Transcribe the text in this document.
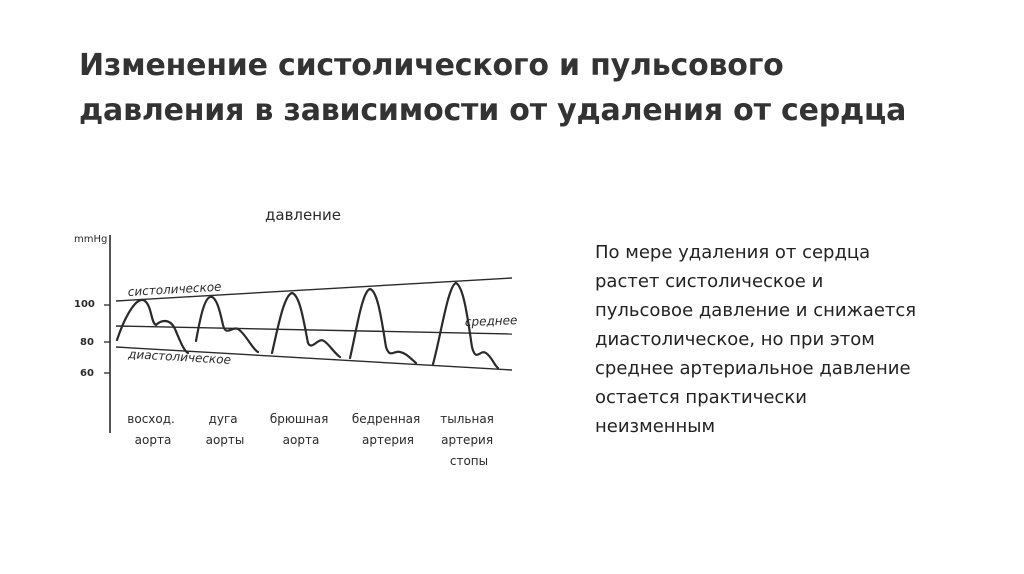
Изменение систолического и пульсового
давления в зависимости от удаления от сердца
давление
mmHg
100
80
60
систолическое
среднее
диастолическое
восход. аорта
дуга аорты
брюшная аорта
бедренная артерия
тыльная артерия стопы
По мере удаления от сердца
растет систолическое и
пульсовое давление и снижается
диастолическое, но при этом
среднее артериальное давление
остается практически
неизменным
